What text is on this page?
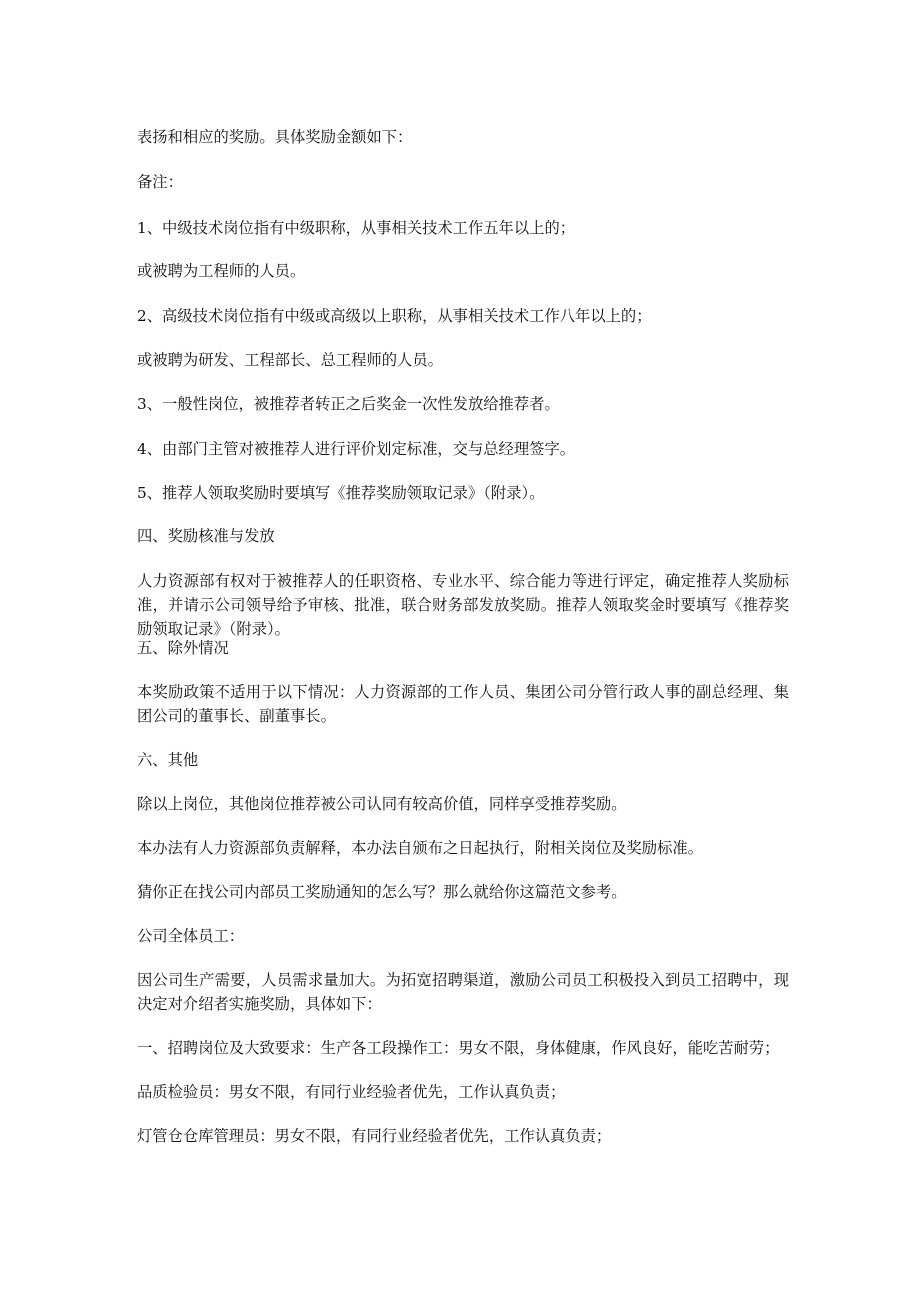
表扬和相应的奖励。具体奖励金额如下：

备注：

1、中级技术岗位指有中级职称，从事相关技术工作五年以上的；

或被聘为工程师的人员。

2、高级技术岗位指有中级或高级以上职称，从事相关技术工作八年以上的；

或被聘为研发、工程部长、总工程师的人员。

3、一般性岗位，被推荐者转正之后奖金一次性发放给推荐者。

4、由部门主管对被推荐人进行评价划定标准，交与总经理签字。

5、推荐人领取奖励时要填写《推荐奖励领取记录》（附录）。

四、奖励核准与发放

人力资源部有权对于被推荐人的任职资格、专业水平、综合能力等进行评定，确定推荐人奖励标准，并请示公司领导给予审核、批准，联合财务部发放奖励。推荐人领取奖金时要填写《推荐奖励领取记录》（附录）。

五、除外情况

本奖励政策不适用于以下情况：人力资源部的工作人员、集团公司分管行政人事的副总经理、集团公司的董事长、副董事长。

六、其他

除以上岗位，其他岗位推荐被公司认同有较高价值，同样享受推荐奖励。

本办法有人力资源部负责解释，本办法自颁布之日起执行，附相关岗位及奖励标准。

猜你正在找公司内部员工奖励通知的怎么写？那么就给你这篇范文参考。

公司全体员工：

因公司生产需要，人员需求量加大。为拓宽招聘渠道，激励公司员工积极投入到员工招聘中，现决定对介绍者实施奖励，具体如下：

一、招聘岗位及大致要求：生产各工段操作工：男女不限，身体健康，作风良好，能吃苦耐劳；

品质检验员：男女不限，有同行业经验者优先，工作认真负责；

灯管仓仓库管理员：男女不限，有同行业经验者优先，工作认真负责；
